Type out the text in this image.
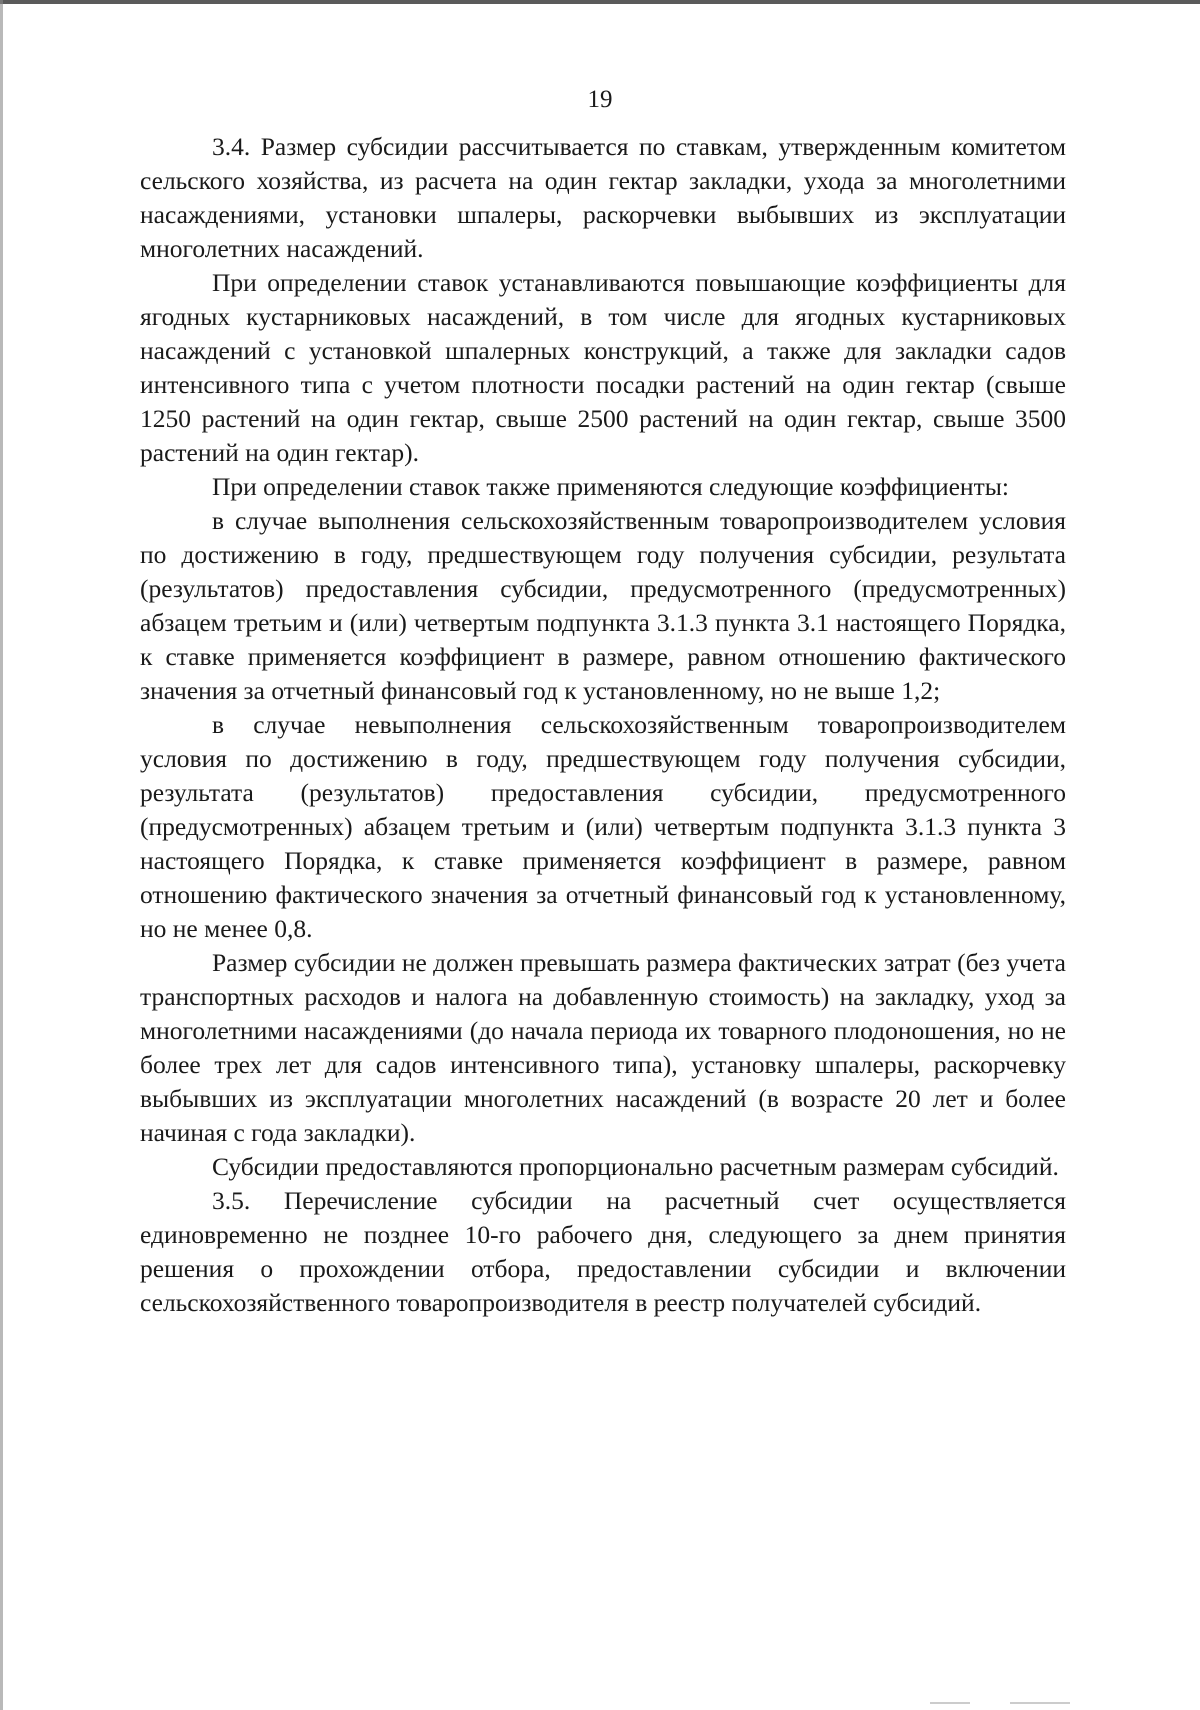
19

3.4. Размер субсидии рассчитывается по ставкам, утвержденным комитетом сельского хозяйства, из расчета на один гектар закладки, ухода за многолетними насаждениями, установки шпалеры, раскорчевки выбывших из эксплуатации многолетних насаждений.

При определении ставок устанавливаются повышающие коэффициенты для ягодных кустарниковых насаждений, в том числе для ягодных кустарниковых насаждений с установкой шпалерных конструкций, а также для закладки садов интенсивного типа с учетом плотности посадки растений на один гектар (свыше 1250 растений на один гектар, свыше 2500 растений на один гектар, свыше 3500 растений на один гектар).

При определении ставок также применяются следующие коэффициенты:

в случае выполнения сельскохозяйственным товаропроизводителем условия по достижению в году, предшествующем году получения субсидии, результата (результатов) предоставления субсидии, предусмотренного (предусмотренных) абзацем третьим и (или) четвертым подпункта 3.1.3 пункта 3.1 настоящего Порядка, к ставке применяется коэффициент в размере, равном отношению фактического значения за отчетный финансовый год к установленному, но не выше 1,2;

в случае невыполнения сельскохозяйственным товаропроизводителем условия по достижению в году, предшествующем году получения субсидии, результата (результатов) предоставления субсидии, предусмотренного (предусмотренных) абзацем третьим и (или) четвертым подпункта 3.1.3 пункта 3 настоящего Порядка, к ставке применяется коэффициент в размере, равном отношению фактического значения за отчетный финансовый год к установленному, но не менее 0,8.

Размер субсидии не должен превышать размера фактических затрат (без учета транспортных расходов и налога на добавленную стоимость) на закладку, уход за многолетними насаждениями (до начала периода их товарного плодоношения, но не более трех лет для садов интенсивного типа), установку шпалеры, раскорчевку выбывших из эксплуатации многолетних насаждений (в возрасте 20 лет и более начиная с года закладки).

Субсидии предоставляются пропорционально расчетным размерам субсидий.

3.5. Перечисление субсидии на расчетный счет осуществляется единовременно не позднее 10-го рабочего дня, следующего за днем принятия решения о прохождении отбора, предоставлении субсидии и включении сельскохозяйственного товаропроизводителя в реестр получателей субсидий.
